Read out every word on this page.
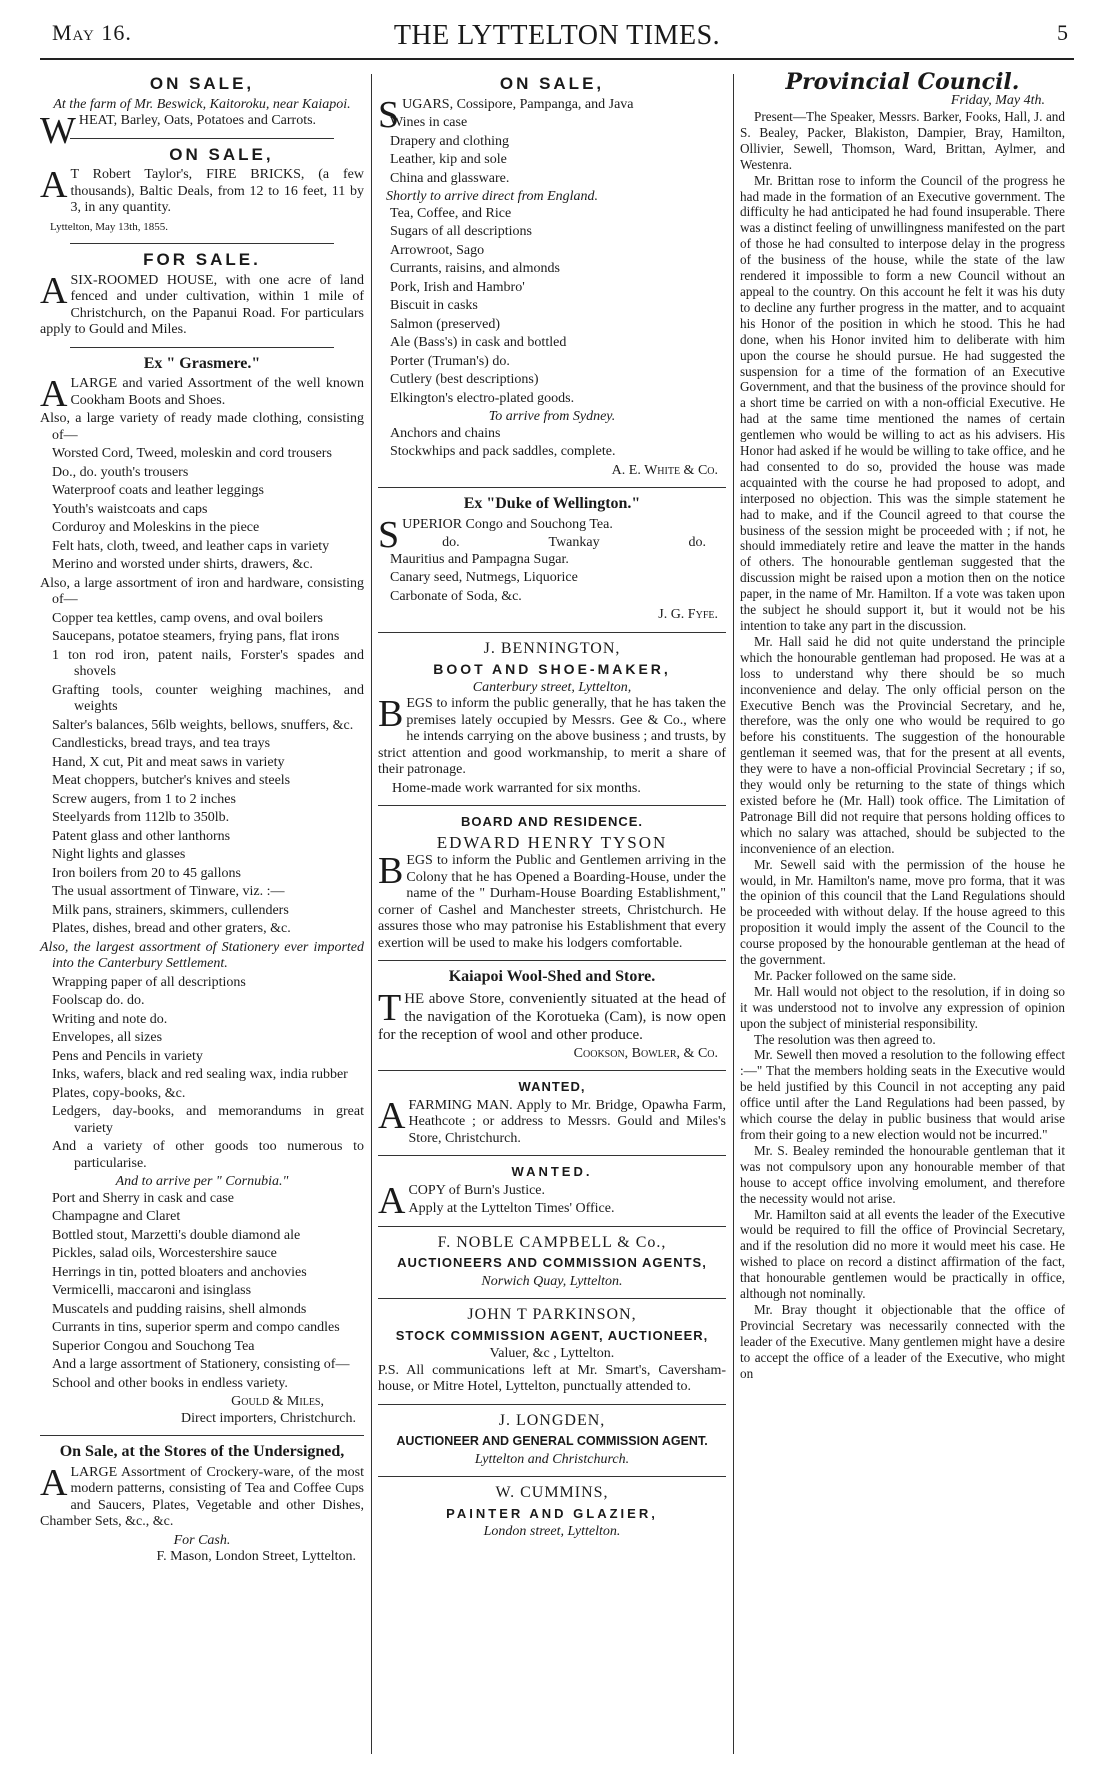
May 16.	THE LYTTELTON TIMES.	5
ON SALE,
At the farm of Mr. Beswick, Kaitoroku, near Kaiapoi.
WHEAT, Barley, Oats, Potatoes and Carrots.
ON SALE,
AT Robert Taylor's, FIRE BRICKS, (a few thousands), Baltic Deals, from 12 to 16 feet, 11 by 3, in any quantity.
Lyttelton, May 13th, 1855.
FOR SALE.
ASIX-ROOMED HOUSE, with one acre of land fenced and under cultivation, within 1 mile of Christchurch, on the Papanui Road. For particulars apply to Gould and Miles.
Ex " Grasmere."
ALARGE and varied Assortment of the well known Cookham Boots and Shoes.
Also, a large variety of ready made clothing, consisting of—
Worsted Cord, Tweed, moleskin and cord trousers
Do., do. youth's trousers
Waterproof coats and leather leggings
Youth's waistcoats and caps
Corduroy and Moleskins in the piece
Felt hats, cloth, tweed, and leather caps in variety
Merino and worsted under shirts, drawers, &c.
Also, a large assortment of iron and hardware, consisting of—
Copper tea kettles, camp ovens, and oval boilers
Saucepans, potatoe steamers, frying pans, flat irons
1 ton rod iron, patent nails, Forster's spades and shovels
Grafting tools, counter weighing machines, and weights
Salter's balances, 56lb weights, bellows, snuffers, &c.
Candlesticks, bread trays, and tea trays
Hand, X cut, Pit and meat saws in variety
Meat choppers, butcher's knives and steels
Screw augers, from 1 to 2 inches
Steelyards from 112lb to 350lb.
Patent glass and other lanthorns
Night lights and glasses
Iron boilers from 20 to 45 gallons
The usual assortment of Tinware, viz. :—
Milk pans, strainers, skimmers, cullenders
Plates, dishes, bread and other graters, &c.
Also, the largest assortment of Stationery ever imported into the Canterbury Settlement.
Wrapping paper of all descriptions
Foolscap do. do.
Writing and note do.
Envelopes, all sizes
Pens and Pencils in variety
Inks, wafers, black and red sealing wax, india rubber
Plates, copy-books, &c.
Ledgers, day-books, and memorandums in great variety
And a variety of other goods too numerous to particularise.
And to arrive per " Cornubia."
Port and Sherry in cask and case
Champagne and Claret
Bottled stout, Marzetti's double diamond ale
Pickles, salad oils, Worcestershire sauce
Herrings in tin, potted bloaters and anchovies
Vermicelli, maccaroni and isinglass
Muscatels and pudding raisins, shell almonds
Currants in tins, superior sperm and compo candles
Superior Congou and Souchong Tea
And a large assortment of Stationery, consisting of—
School and other books in endless variety.
Gould & Miles,
Direct importers, Christchurch.
On Sale, at the Stores of the Undersigned,
ALARGE Assortment of Crockery-ware, of the most modern patterns, consisting of Tea and Coffee Cups and Saucers, Plates, Vegetable and other Dishes, Chamber Sets, &c., &c.
For Cash.
F. Mason, London Street, Lyttelton.
ON SALE,
SUGARS, Cossipore, Pampanga, and Java
Wines in case
Drapery and clothing
Leather, kip and sole
China and glassware.
Shortly to arrive direct from England.
Tea, Coffee, and Rice
Sugars of all descriptions
Arrowroot, Sago
Currants, raisins, and almonds
Pork, Irish and Hambro'
Biscuit in casks
Salmon (preserved)
Ale (Bass's) in cask and bottled
Porter (Truman's) do.
Cutlery (best descriptions)
Elkington's electro-plated goods.
To arrive from Sydney.
Anchors and chains
Stockwhips and pack saddles, complete.
A. E. White & Co.
Ex "Duke of Wellington."
SUPERIOR Congo and Souchong Tea.
do.	Twankay	do.
Mauritius and Pampagna Sugar.
Canary seed, Nutmegs, Liquorice
Carbonate of Soda, &c.
J. G. Fyfe.
J. BENNINGTON,
BOOT AND SHOE-MAKER,
Canterbury street, Lyttelton,
BEGS to inform the public generally, that he has taken the premises lately occupied by Messrs. Gee & Co., where he intends carrying on the above business ; and trusts, by strict attention and good workmanship, to merit a share of their patronage.
Home-made work warranted for six months.
BOARD AND RESIDENCE.
EDWARD HENRY TYSON
BEGS to inform the Public and Gentlemen arriving in the Colony that he has Opened a Boarding-House, under the name of the " Durham-House Boarding Establishment," corner of Cashel and Manchester streets, Christchurch. He assures those who may patronise his Establishment that every exertion will be used to make his lodgers comfortable.
Kaiapoi Wool-Shed and Store.
THE above Store, conveniently situated at the head of the navigation of the Korotueka (Cam), is now open for the reception of wool and other produce.
Cookson, Bowler, & Co.
WANTED,
AFARMING MAN. Apply to Mr. Bridge, Opawha Farm, Heathcote ; or address to Messrs. Gould and Miles's Store, Christchurch.
WANTED.
ACOPY of Burn's Justice.
Apply at the Lyttelton Times' Office.
F. NOBLE CAMPBELL & Co.,
AUCTIONEERS AND COMMISSION AGENTS,
Norwich Quay, Lyttelton.
JOHN T PARKINSON,
STOCK COMMISSION AGENT, AUCTIONEER,
Valuer, &c , Lyttelton.
P.S. All communications left at Mr. Smart's, Caversham-house, or Mitre Hotel, Lyttelton, punctually attended to.
J. LONGDEN,
AUCTIONEER AND GENERAL COMMISSION AGENT.
Lyttelton and Christchurch.
W. CUMMINS,
PAINTER AND GLAZIER,
London street, Lyttelton.
Provincial Council.
Friday, May 4th.

Present—The Speaker, Messrs. Barker, Fooks, Hall, J. and S. Bealey, Packer, Blakiston, Dampier, Bray, Hamilton, Ollivier, Sewell, Thomson, Ward, Brittan, Aylmer, and Westenra.

Mr. Brittan rose to inform the Council of the progress he had made in the formation of an Executive government. The difficulty he had anticipated he had found insuperable. There was a distinct feeling of unwillingness manifested on the part of those he had consulted to interpose delay in the progress of the business of the house, while the state of the law rendered it impossible to form a new Council without an appeal to the country. On this account he felt it was his duty to decline any further progress in the matter, and to acquaint his Honor of the position in which he stood. This he had done, when his Honor invited him to deliberate with him upon the course he should pursue. He had suggested the suspension for a time of the formation of an Executive Government, and that the business of the province should for a short time be carried on with a non-official Executive. He had at the same time mentioned the names of certain gentlemen who would be willing to act as his advisers. His Honor had asked if he would be willing to take office, and he had consented to do so, provided the house was made acquainted with the course he had proposed to adopt, and interposed no objection. This was the simple statement he had to make, and if the Council agreed to that course the business of the session might be proceeded with ; if not, he should immediately retire and leave the matter in the hands of others. The honourable gentleman suggested that the discussion might be raised upon a motion then on the notice paper, in the name of Mr. Hamilton. If a vote was taken upon the subject he should support it, but it would not be his intention to take any part in the discussion.

Mr. Hall said he did not quite understand the principle which the honourable gentleman had proposed. He was at a loss to understand why there should be so much inconvenience and delay. The only official person on the Executive Bench was the Provincial Secretary, and he, therefore, was the only one who would be required to go before his constituents. The suggestion of the honourable gentleman it seemed was, that for the present at all events, they were to have a non-official Provincial Secretary ; if so, they would only be returning to the state of things which existed before he (Mr. Hall) took office. The Limitation of Patronage Bill did not require that persons holding offices to which no salary was attached, should be subjected to the inconvenience of an election.

Mr. Sewell said with the permission of the house he would, in Mr. Hamilton's name, move pro forma, that it was the opinion of this council that the Land Regulations should be proceeded with without delay. If the house agreed to this proposition it would imply the assent of the Council to the course proposed by the honourable gentleman at the head of the government.

Mr. Packer followed on the same side.

Mr. Hall would not object to the resolution, if in doing so it was understood not to involve any expression of opinion upon the subject of ministerial responsibility.

The resolution was then agreed to.

Mr. Sewell then moved a resolution to the following effect :—" That the members holding seats in the Executive would be held justified by this Council in not accepting any paid office until after the Land Regulations had been passed, by which course the delay in public business that would arise from their going to a new election would not be incurred."

Mr. S. Bealey reminded the honourable gentleman that it was not compulsory upon any honourable member of that house to accept office involving emolument, and therefore the necessity would not arise.

Mr. Hamilton said at all events the leader of the Executive would be required to fill the office of Provincial Secretary, and if the resolution did no more it would meet his case. He wished to place on record a distinct affirmation of the fact, that honourable gentlemen would be practically in office, although not nominally.

Mr. Bray thought it objectionable that the office of Provincial Secretary was necessarily connected with the leader of the Executive. Many gentlemen might have a desire to accept the office of a leader of the Executive, who might on
